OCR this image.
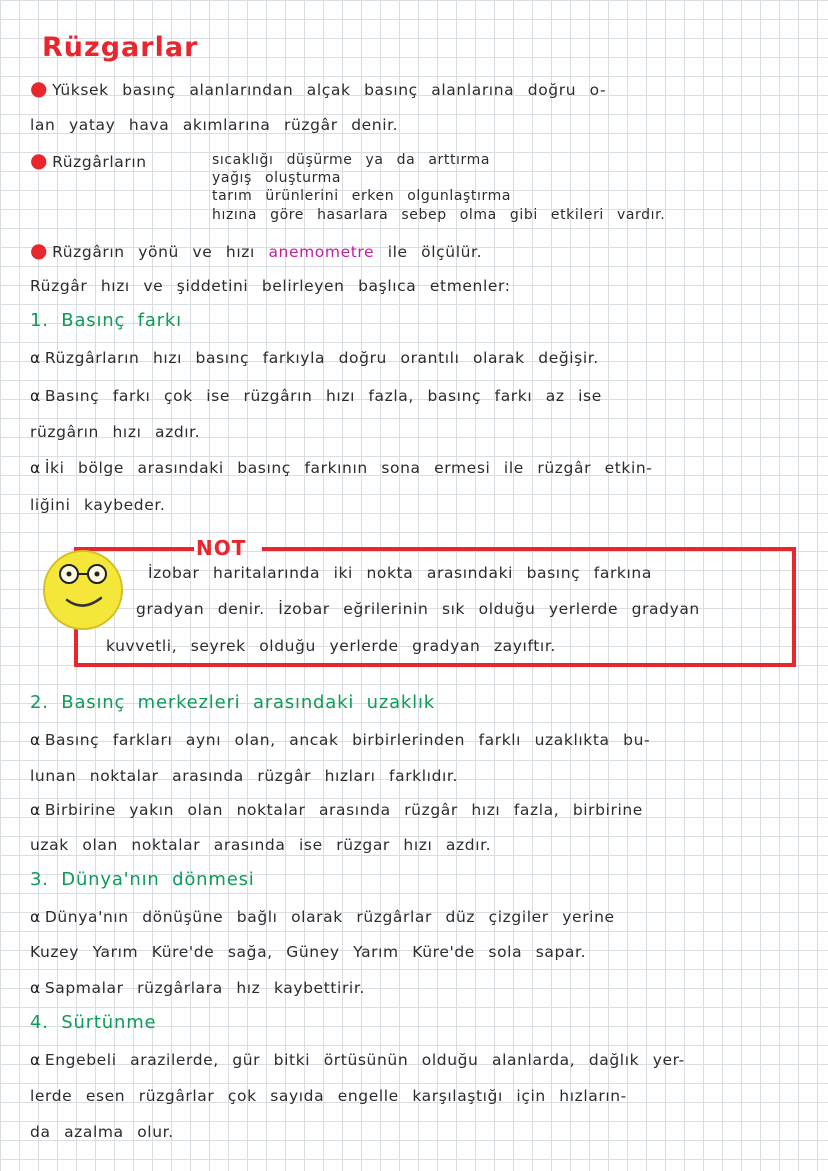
Rüzgarlar
● Yüksek basınç alanlarından alçak basınç alanlarına doğru o-
lan yatay hava akımlarına rüzgâr denir.
● Rüzgârların	sıcaklığı düşürme ya da arttırma
yağış oluşturma
tarım ürünlerini erken olgunlaştırma
hızına göre hasarlara sebep olma gibi etkileri vardır.
● Rüzgârın yönü ve hızı anemometre ile ölçülür.
Rüzgâr hızı ve şiddetini belirleyen başlıca etmenler:
1. Basınç farkı
α Rüzgârların hızı basınç farkıyla doğru orantılı olarak değişir.
α Basınç farkı çok ise rüzgârın hızı fazla, basınç farkı az ise
rüzgârın hızı azdır.
α İki bölge arasındaki basınç farkının sona ermesi ile rüzgâr etkin-
liğini kaybeder.
NOT
İzobar haritalarında iki nokta arasındaki basınç farkına
gradyan denir. İzobar eğrilerinin sık olduğu yerlerde gradyan
kuvvetli, seyrek olduğu yerlerde gradyan zayıftır.
2. Basınç merkezleri arasındaki uzaklık
α Basınç farkları aynı olan, ancak birbirlerinden farklı uzaklıkta bu-
lunan noktalar arasında rüzgâr hızları farklıdır.
α Birbirine yakın olan noktalar arasında rüzgâr hızı fazla, birbirine
uzak olan noktalar arasında ise rüzgar hızı azdır.
3. Dünya'nın dönmesi
α Dünya'nın dönüşüne bağlı olarak rüzgârlar düz çizgiler yerine
Kuzey Yarım Küre'de sağa, Güney Yarım Küre'de sola sapar.
α Sapmalar rüzgârlara hız kaybettirir.
4. Sürtünme
α Engebeli arazilerde, gür bitki örtüsünün olduğu alanlarda, dağlık yer-
lerde esen rüzgârlar çok sayıda engelle karşılaştığı için hızların-
da azalma olur.
